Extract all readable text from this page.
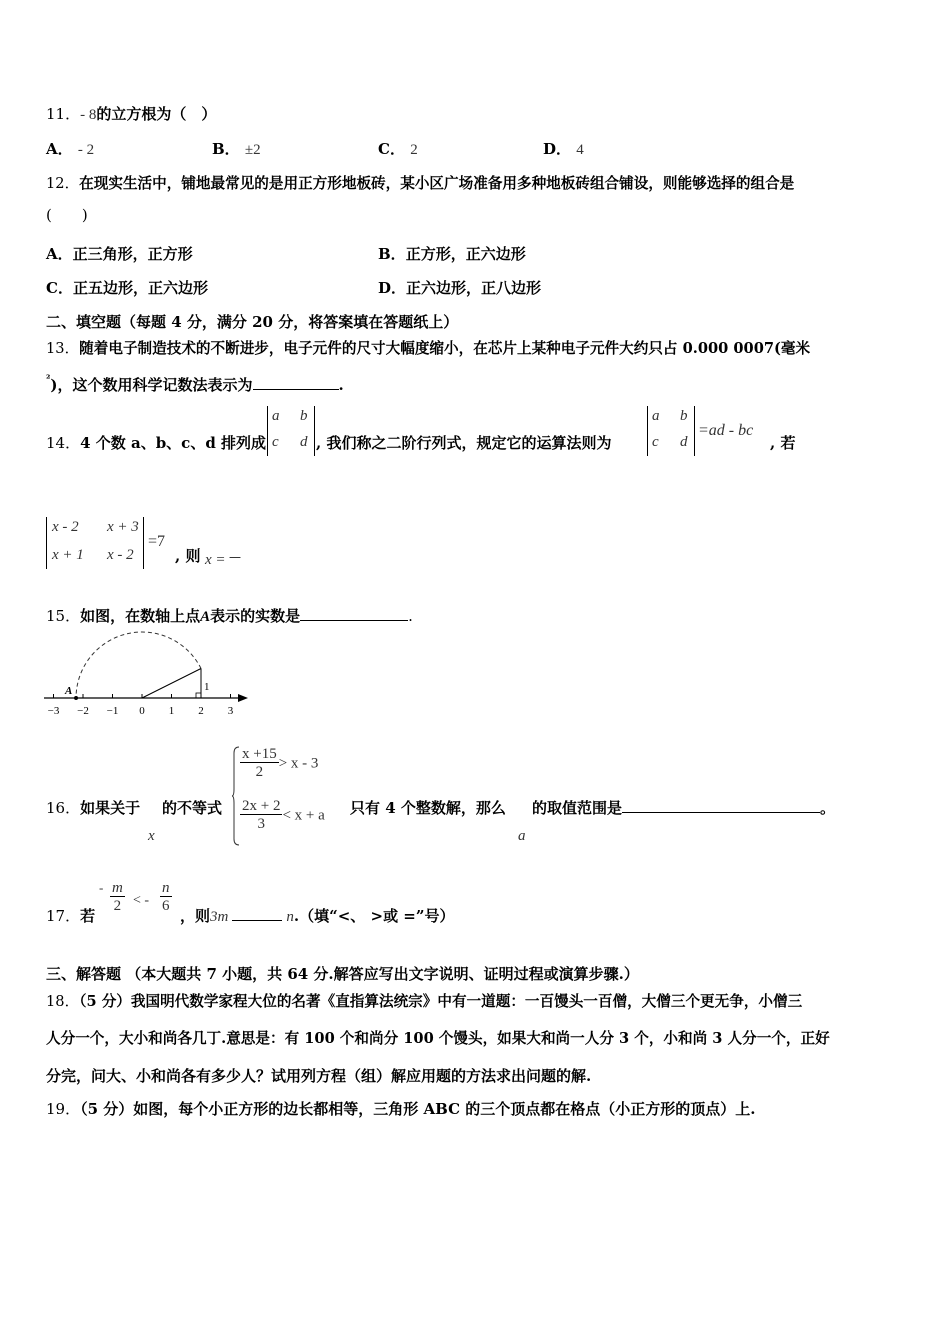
11．- 8的立方根为（　）
A． - 2	B． ±2	C． 2	D． 4
12．在现实生活中，铺地最常见的是用正方形地板砖，某小区广场准备用多种地板砖组合铺设，则能够选择的组合是
(　　)
A．正三角形，正方形	B．正方形，正六边形
C．正五边形，正六边形	D．正六边形，正八边形
二、填空题（每题 4 分，满分 20 分，将答案填在答题纸上）
13．随着电子制造技术的不断进步，电子元件的尺寸大幅度缩小，在芯片上某种电子元件大约只占 0.000 0007(毫米
$^{^2}$)，这个数用科学记数法表示为	.
14．4 个数 a、b、c、d 排列成
a b
c d , 我们称之二阶行列式，规定它的运算法则为
a b
c d
=ad - bc
, 若
x - 2 x + 3
x + 1 x - 2
=7
, 则 x = —
15．如图，在数轴上点A表示的实数是	.
−3 −2 −1 0 1 2 3
A	1
16．如果关于
x
的不等式
$\frac{x +15}{2} > x - 3$
$\frac{2x + 2}{3} < x + a$ 只有 4 个整数解，那么
a
的取值范围是	。
17．若
- $\frac{m}{2}$ < - $\frac{n}{6}$
，则3m	n.（填“<、 >或 =”号）
三、解答题 （本大题共 7 小题，共 64 分.解答应写出文字说明、证明过程或演算步骤.）
18．（5 分）我国明代数学家程大位的名著《直指算法统宗》中有一道题：一百馒头一百僧，大僧三个更无争，小僧三
人分一个，大小和尚各几丁.意思是：有 100 个和尚分 100 个馒头，如果大和尚一人分 3 个，小和尚 3 人分一个，正好
分完，问大、小和尚各有多少人？试用列方程（组）解应用题的方法求出问题的解.
19．（5 分）如图，每个小正方形的边长都相等，三角形 ABC 的三个顶点都在格点（小正方形的顶点）上.
